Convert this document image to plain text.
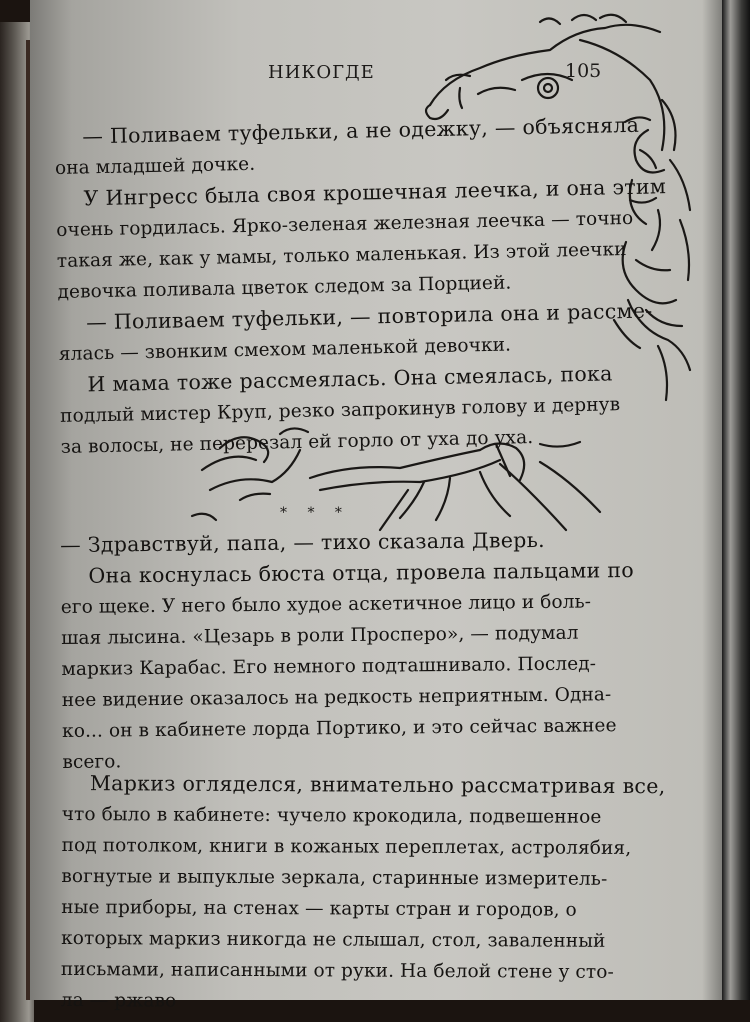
НИКОГДЕ	105
* * *
— Поливаем туфельки, а не одежку, — объясняла
она младшей дочке.
У Ингресс была своя крошечная леечка, и она этим
очень гордилась. Ярко-зеленая железная леечка — точно
такая же, как у мамы, только маленькая. Из этой леечки
девочка поливала цветок следом за Порцией.
— Поливаем туфельки, — повторила она и рассме-
ялась — звонким смехом маленькой девочки.
И мама тоже рассмеялась. Она смеялась, пока
подлый мистер Круп, резко запрокинув голову и дернув
за волосы, не перерезал ей горло от уха до уха.
— Здравствуй, папа, — тихо сказала Дверь.
Она коснулась бюста отца, провела пальцами по
его щеке. У него было худое аскетичное лицо и боль-
шая лысина. «Цезарь в роли Просперо», — подумал
маркиз Карабас. Его немного подташнивало. Послед-
нее видение оказалось на редкость неприятным. Одна-
ко... он в кабинете лорда Портико, и это сейчас важнее
всего.
Маркиз огляделся, внимательно рассматривая все,
что было в кабинете: чучело крокодила, подвешенное
под потолком, книги в кожаных переплетах, астролябия,
вогнутые и выпуклые зеркала, старинные измеритель-
ные приборы, на стенах — карты стран и городов, о
которых маркиз никогда не слышал, стол, заваленный
письмами, написанными от руки. На белой стене у сто-
ла — ржаво
